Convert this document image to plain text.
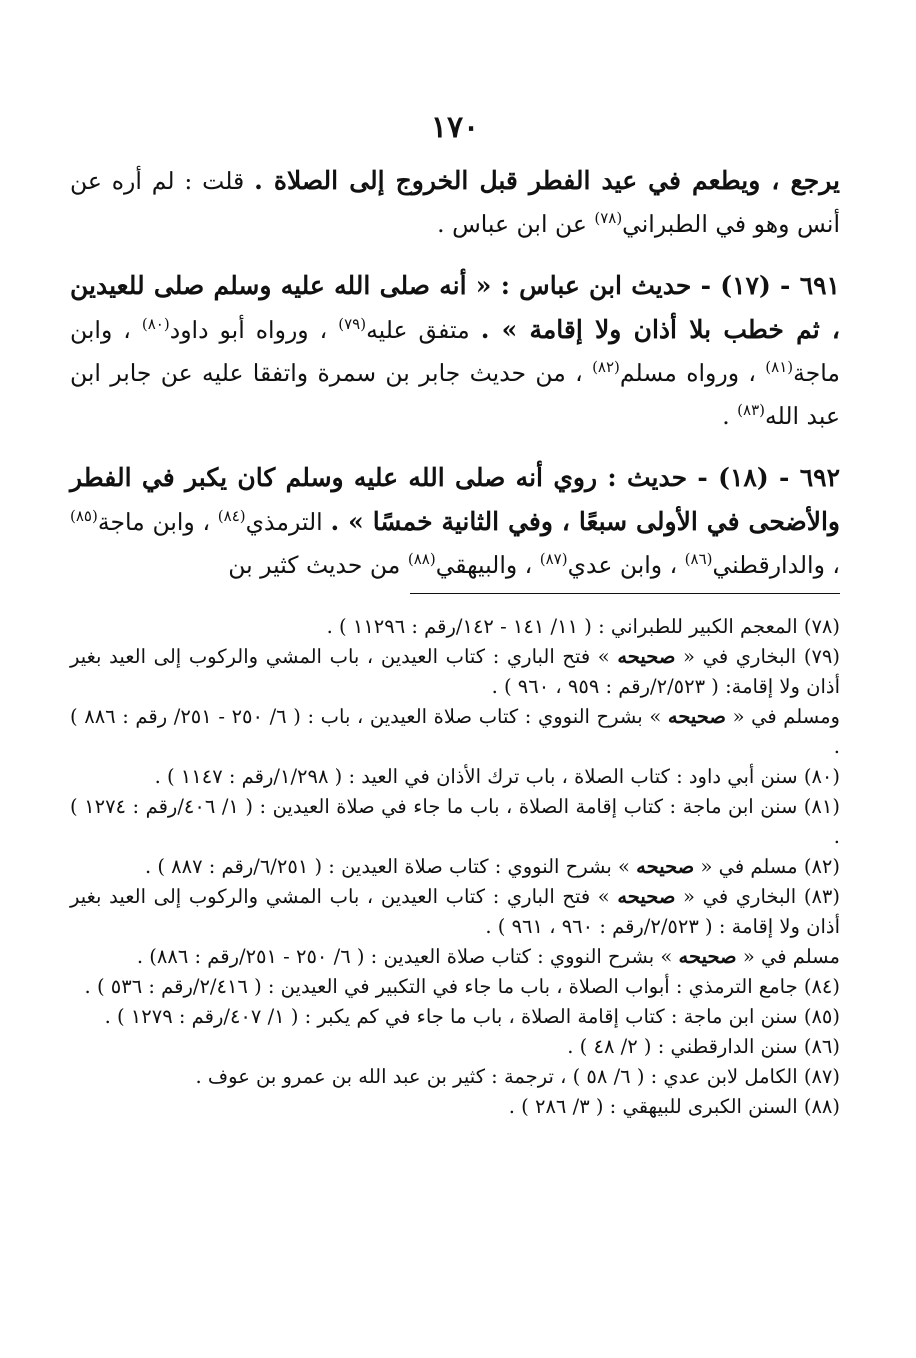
١٧٠

يرجع ، ويطعم في عيد الفطر قبل الخروج إلى الصلاة . قلت : لم أره عن أنس وهو في الطبراني$^{(٧٨)}$ عن ابن عباس .

٦٩١ - (١٧) - حديث ابن عباس : « أنه صلى الله عليه وسلم صلى للعيدين ، ثم خطب بلا أذان ولا إقامة » . متفق عليه$^{(٧٩)}$ ، ورواه أبو داود$^{(٨٠)}$ ، وابن ماجة$^{(٨١)}$ ، ورواه مسلم$^{(٨٢)}$ ، من حديث جابر بن سمرة واتفقا عليه عن جابر ابن عبد الله$^{(٨٣)}$ .

٦٩٢ - (١٨) - حديث : روي أنه صلى الله عليه وسلم كان يكبر في الفطر والأضحى في الأولى سبعًا ، وفي الثانية خمسًا » . الترمذي$^{(٨٤)}$ ، وابن ماجة$^{(٨٥)}$ ، والدارقطني$^{(٨٦)}$ ، وابن عدي$^{(٨٧)}$ ، والبيهقي$^{(٨٨)}$ من حديث كثير بن

(٧٨) المعجم الكبير للطبراني : ( ١١/ ١٤١ - ١٤٢/رقم : ١١٢٩٦ ) .

(٧٩) البخاري في « صحيحه » فتح الباري : كتاب العيدين ، باب المشي والركوب إلى العيد بغير أذان ولا إقامة: ( ٢/٥٢٣/رقم : ٩٥٩ ، ٩٦٠ ) .

ومسلم في « صحيحه » بشرح النووي : كتاب صلاة العيدين ، باب : ( ٦/ ٢٥٠ - ٢٥١/ رقم : ٨٨٦ ) .

(٨٠) سنن أبي داود : كتاب الصلاة ، باب ترك الأذان في العيد : ( ١/٢٩٨/رقم : ١١٤٧ ) .

(٨١) سنن ابن ماجة : كتاب إقامة الصلاة ، باب ما جاء في صلاة العيدين : ( ١/ ٤٠٦/رقم : ١٢٧٤ ) .

(٨٢) مسلم في « صحيحه » بشرح النووي : كتاب صلاة العيدين : ( ٦/٢٥١/رقم : ٨٨٧ ) .

(٨٣) البخاري في « صحيحه » فتح الباري : كتاب العيدين ، باب المشي والركوب إلى العيد بغير أذان ولا إقامة : ( ٢/٥٢٣/رقم : ٩٦٠ ، ٩٦١ ) .

مسلم في « صحيحه » بشرح النووي : كتاب صلاة العيدين : ( ٦/ ٢٥٠ - ٢٥١/رقم : ٨٨٦) .

(٨٤) جامع الترمذي : أبواب الصلاة ، باب ما جاء في التكبير في العيدين : ( ٢/٤١٦/رقم : ٥٣٦ ) .

(٨٥) سنن ابن ماجة : كتاب إقامة الصلاة ، باب ما جاء في كم يكبر : ( ١/ ٤٠٧/رقم : ١٢٧٩ ) .

(٨٦) سنن الدارقطني : ( ٢/ ٤٨ ) .

(٨٧) الكامل لابن عدي : ( ٦/ ٥٨ ) ، ترجمة : كثير بن عبد الله بن عمرو بن عوف .

(٨٨) السنن الكبرى للبيهقي : ( ٣/ ٢٨٦ ) .
